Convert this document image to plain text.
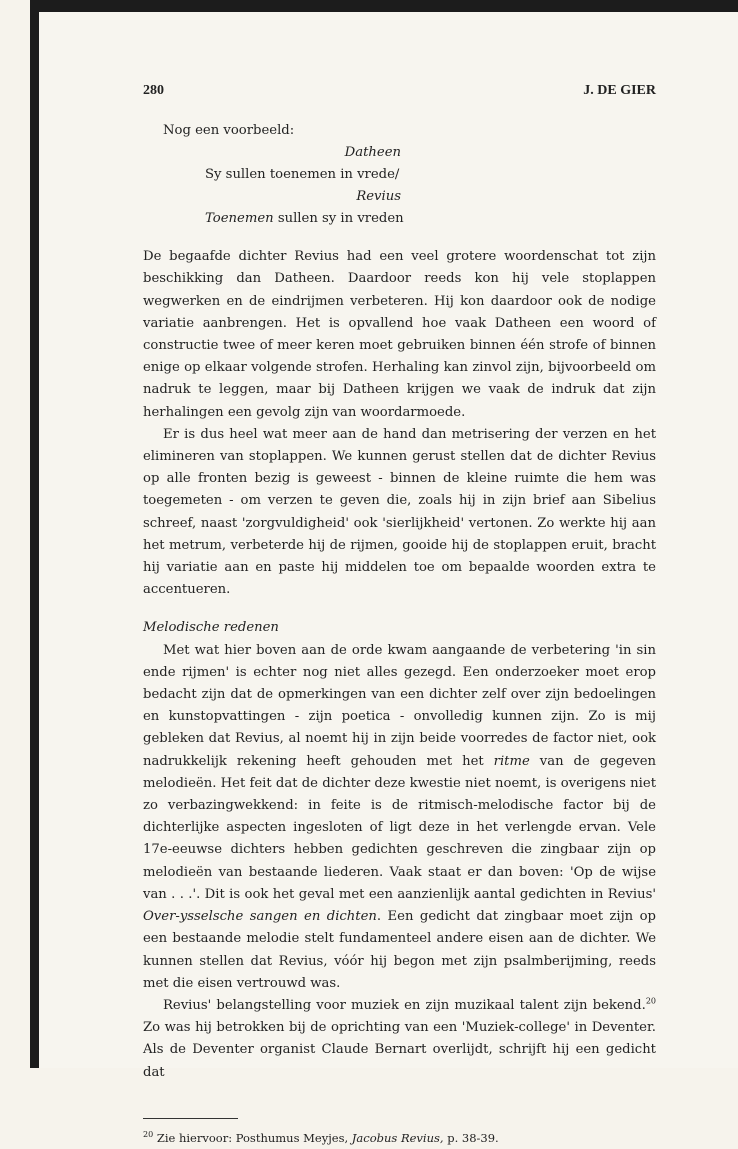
280	J. DE GIER

Nog een voorbeeld:

Datheen

Sy sullen toenemen in vrede/

Revius

Toenemen sullen sy in vreden

De begaafde dichter Revius had een veel grotere woordenschat tot zijn beschikking dan Datheen. Daardoor reeds kon hij vele stoplappen wegwerken en de eindrijmen verbeteren. Hij kon daardoor ook de nodige variatie aanbrengen. Het is opvallend hoe vaak Datheen een woord of constructie twee of meer keren moet gebruiken binnen één strofe of binnen enige op elkaar volgende strofen. Herhaling kan zinvol zijn, bijvoorbeeld om nadruk te leggen, maar bij Datheen krijgen we vaak de indruk dat zijn herhalingen een gevolg zijn van woordarmoede.

Er is dus heel wat meer aan de hand dan metrisering der verzen en het elimineren van stoplappen. We kunnen gerust stellen dat de dichter Revius op alle fronten bezig is geweest - binnen de kleine ruimte die hem was toegemeten - om verzen te geven die, zoals hij in zijn brief aan Sibelius schreef, naast 'zorgvuldigheid' ook 'sierlijkheid' vertonen. Zo werkte hij aan het metrum, verbeterde hij de rijmen, gooide hij de stoplappen eruit, bracht hij variatie aan en paste hij middelen toe om bepaalde woorden extra te accentueren.

Melodische redenen

Met wat hier boven aan de orde kwam aangaande de verbetering 'in sin ende rijmen' is echter nog niet alles gezegd. Een onderzoeker moet erop bedacht zijn dat de opmerkingen van een dichter zelf over zijn bedoelingen en kunstopvattingen - zijn poetica - onvolledig kunnen zijn. Zo is mij gebleken dat Revius, al noemt hij in zijn beide voorredes de factor niet, ook nadrukkelijk rekening heeft gehouden met het ritme van de gegeven melodieën. Het feit dat de dichter deze kwestie niet noemt, is overigens niet zo verbazingwekkend: in feite is de ritmisch-melodische factor bij de dichterlijke aspecten ingesloten of ligt deze in het verlengde ervan. Vele 17e-eeuwse dichters hebben gedichten geschreven die zingbaar zijn op melodieën van bestaande liederen. Vaak staat er dan boven: 'Op de wijse van . . .'. Dit is ook het geval met een aanzienlijk aantal gedichten in Revius' Over-ysselsche sangen en dichten. Een gedicht dat zingbaar moet zijn op een bestaande melodie stelt fundamenteel andere eisen aan de dichter. We kunnen stellen dat Revius, vóór hij begon met zijn psalmberijming, reeds met die eisen vertrouwd was.

Revius' belangstelling voor muziek en zijn muzikaal talent zijn bekend.$^{20}$ Zo was hij betrokken bij de oprichting van een 'Muziek-college' in Deventer. Als de Deventer organist Claude Bernart overlijdt, schrijft hij een gedicht dat

$^{20}$ Zie hiervoor: Posthumus Meyjes, Jacobus Revius, p. 38-39.
